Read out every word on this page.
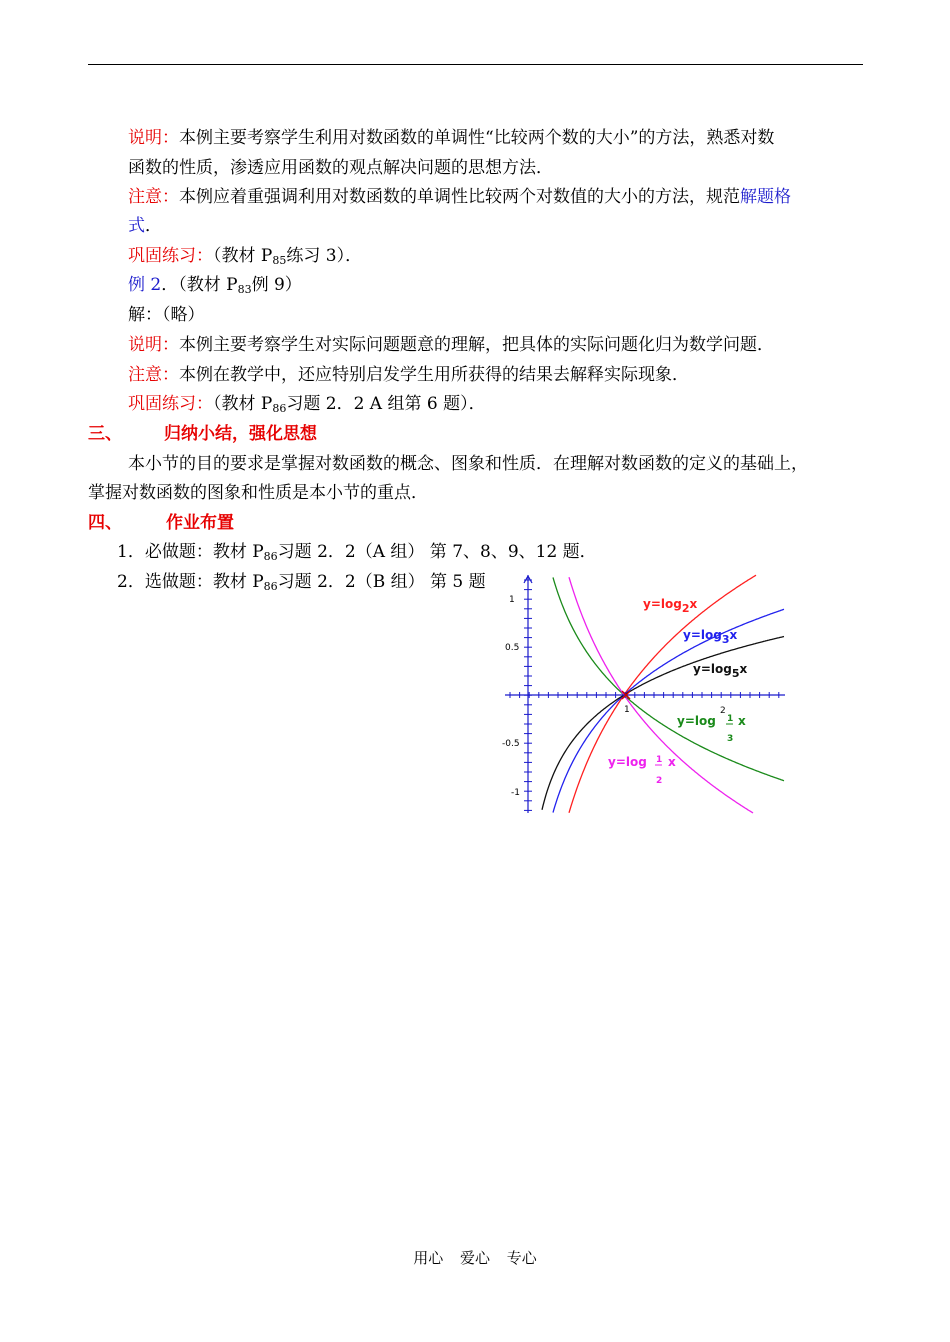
说明：本例主要考察学生利用对数函数的单调性“比较两个数的大小”的方法，熟悉对数
函数的性质，渗透应用函数的观点解决问题的思想方法．
注意：本例应着重强调利用对数函数的单调性比较两个对数值的大小的方法，规范解题格
式．
巩固练习：（教材 $P_{85}$练习 3）．
例 2．（教材 $P_{83}$例 9）
解：（略）
说明：本例主要考察学生对实际问题题意的理解，把具体的实际问题化归为数学问题．
注意：本例在教学中，还应特别启发学生用所获得的结果去解释实际现象．
巩固练习：（教材 $P_{86}$习题 2．2 A 组第 6 题）．
三、 归纳小结，强化思想
本小节的目的要求是掌握对数函数的概念、图象和性质．在理解对数函数的定义的基础上，
掌握对数函数的图象和性质是本小节的重点．
四、	作业布置
1．必做题：教材 $P_{86}$习题 2．2（A 组） 第 7、8、9、12 题．
2．选做题：教材 $P_{86}$习题 2．2（B 组） 第 5 题
1
0.5
-0.5
-1
1
y=log2x
y=log3x
y=log5x
2
y=log 1
3
x
y=log 1
2
x
用心 爱心 专心
